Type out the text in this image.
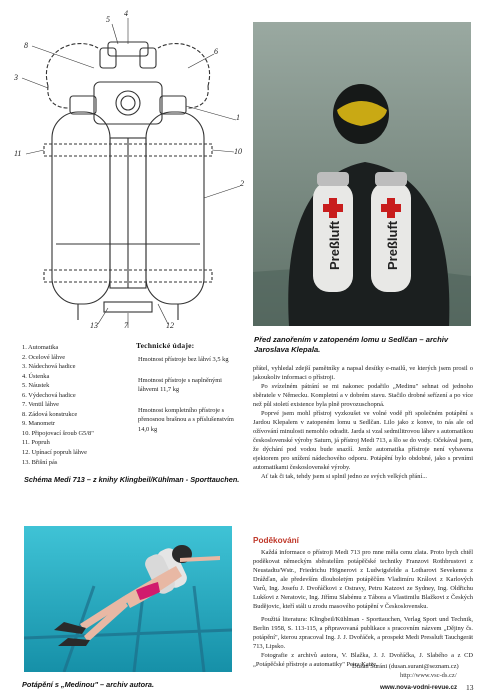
8
3
4
5
6
1
10
2
11
13	7	12
Preßluft	Preßluft
1. Automatika
2. Ocelové láhve
3. Nádechová hadice
4. Ústenka
5. Náustek
6. Výdechová hadice
7. Ventil láhve
8. Zádová konstrukce
9. Manometr
10. Připojovací šroub G5/8"
11. Popruh
12. Upínací popruh láhve
13. Břišní pás
Technické údaje:
Hmotnost přístroje bez láhví 3,5 kg
Hmotnost přístroje s naplněnými láhvemi 11,7 kg
Hmotnost kompletního přístroje s přenosnou brašnou a s příslušenstvím 14,0 kg
Schéma Medi 713 – z knihy Klingbeil/Kühlman - Sporttauchen.
Před zanořením v zatopeném lomu u Sedlčan – archiv Jaroslava Klepala.
Potápění s „Medinou" – archiv autora.

přátel, vyhledal zdejší pamětníky a napsal desítky e-mailů, ve kterých jsem prosil o jakoukoliv informaci o přístroji.

Po svízelném pátrání se mi nakonec podařilo „Medinu" sehnat od jednoho sběratele v Německu. Kompletní a v dobrém stavu. Stačilo drobné seřízení a po více než půl století existence byla plně provozuschopná.

Poprvé jsem mohl přístroj vyzkoušet ve volné vodě při společném potápění s Jardou Klepalem v zatopeném lomu u Sedlčan. Lilo jako z konve, to nás ale od ožívování minulosti nemohlo odradit. Jarda si vzal sedmilitrovou láhev s automatikou československé výroby Saturn, já přístroj Medi 713, a šlo se do vody. Očekával jsem, že dýchání pod vodou bude snazší. Jenže automatika přístroje není vybavena ejektorem pro snížení nádechového odporu. Potápění bylo obdobné, jako s prvními automatikami československé výroby.

Ať tak či tak, tehdy jsem si splnil jedno ze svých velkých přání...

Poděkování

Každá informace o přístroji Medi 713 pro mne měla cenu zlata. Proto bych chtěl poděkovat německým sběratelům potápěčské techniky Franzovi Rothbrustovi z Neustadtu/Wstr., Friedrichu Högnerovi z Ludwigsfelde a Lotharovi Sevekemu z Drážďan, ale především dlouholetým potápěčům Vladimíru Královi z Karlových Varů, Ing. Josefu J. Dvořáčkovi z Ostravy, Petru Katzovi ze Sydney, Ing. Oldřichu Lukšovi z Neratovic, Ing. Jiřímu Slabému z Tábora a Vlastimilu Blažkovi z Českých Budějovic, kteří stáli u zrodu masového potápění v Československu.

Použitá literatura: Klingbeil/Kühlman - Sporttauchen, Verlag Sport und Technik, Berlin 1958, S. 113-115, a připravovaná publikace s pracovním názvem „Dějiny čs. potápění", kterou zpracoval Ing. J. J. Dvořáček, a prospekt Medi Pressluft Tauchgerät 713, Lipsko.

Fotografie z archivů autora, V. Blažka, J. J. Dvořáčka, J. Slabého a z CD „Potápěčské přístroje a automatiky" Petra Katze.

Dušan Šuráni (dusan.surani@seznam.cz)
http://www.vsc-ds.cz/
www.nova-vodni-revue.cz 13
